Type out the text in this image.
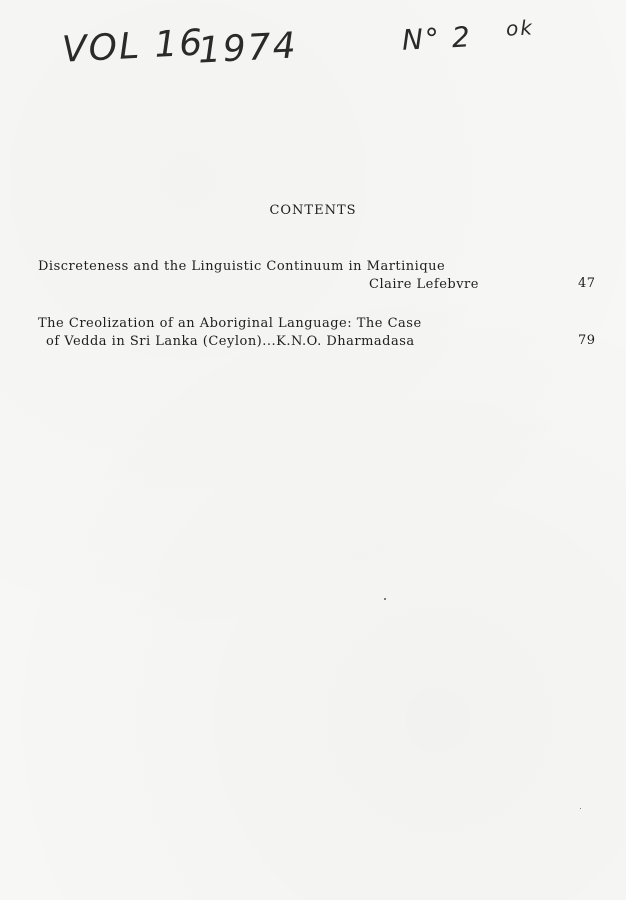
VOL 16
1974	N° 2 ok
CONTENTS
Discreteness and the Linguistic Continuum in Martinique
Claire Lefebvre	47
The Creolization of an Aboriginal Language: The Case
of Vedda in Sri Lanka (Ceylon)...K.N.O. Dharmadasa	79
